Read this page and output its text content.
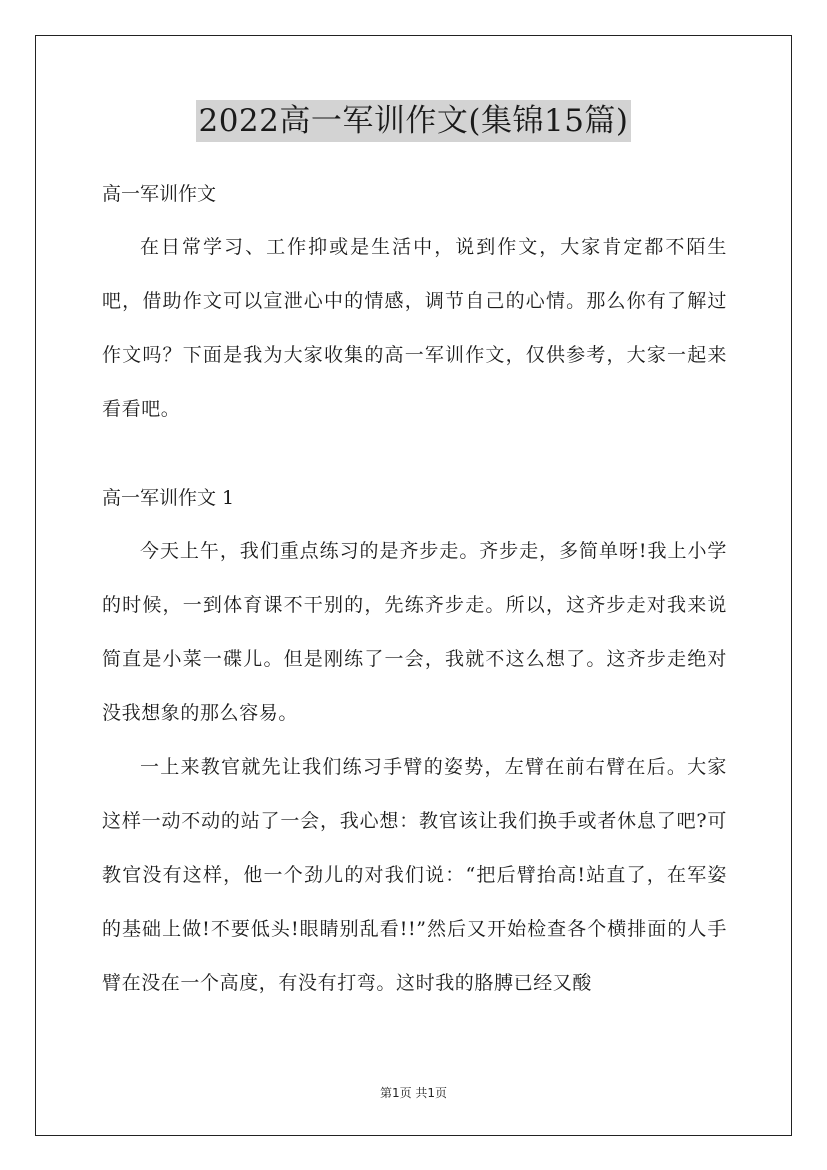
2022高一军训作文(集锦15篇)

高一军训作文

在日常学习、工作抑或是生活中，说到作文，大家肯定都不陌生吧，借助作文可以宣泄心中的情感，调节自己的心情。那么你有了解过作文吗？下面是我为大家收集的高一军训作文，仅供参考，大家一起来看看吧。

高一军训作文 1

今天上午，我们重点练习的是齐步走。齐步走，多简单呀!我上小学的时候，一到体育课不干别的，先练齐步走。所以，这齐步走对我来说简直是小菜一碟儿。但是刚练了一会，我就不这么想了。这齐步走绝对没我想象的那么容易。

一上来教官就先让我们练习手臂的姿势，左臂在前右臂在后。大家这样一动不动的站了一会，我心想：教官该让我们换手或者休息了吧?可教官没有这样，他一个劲儿的对我们说：“把后臂抬高!站直了，在军姿的基础上做!不要低头!眼睛别乱看!!”然后又开始检查各个横排面的人手臂在没在一个高度，有没有打弯。这时我的胳膊已经又酸

第1页 共1页
